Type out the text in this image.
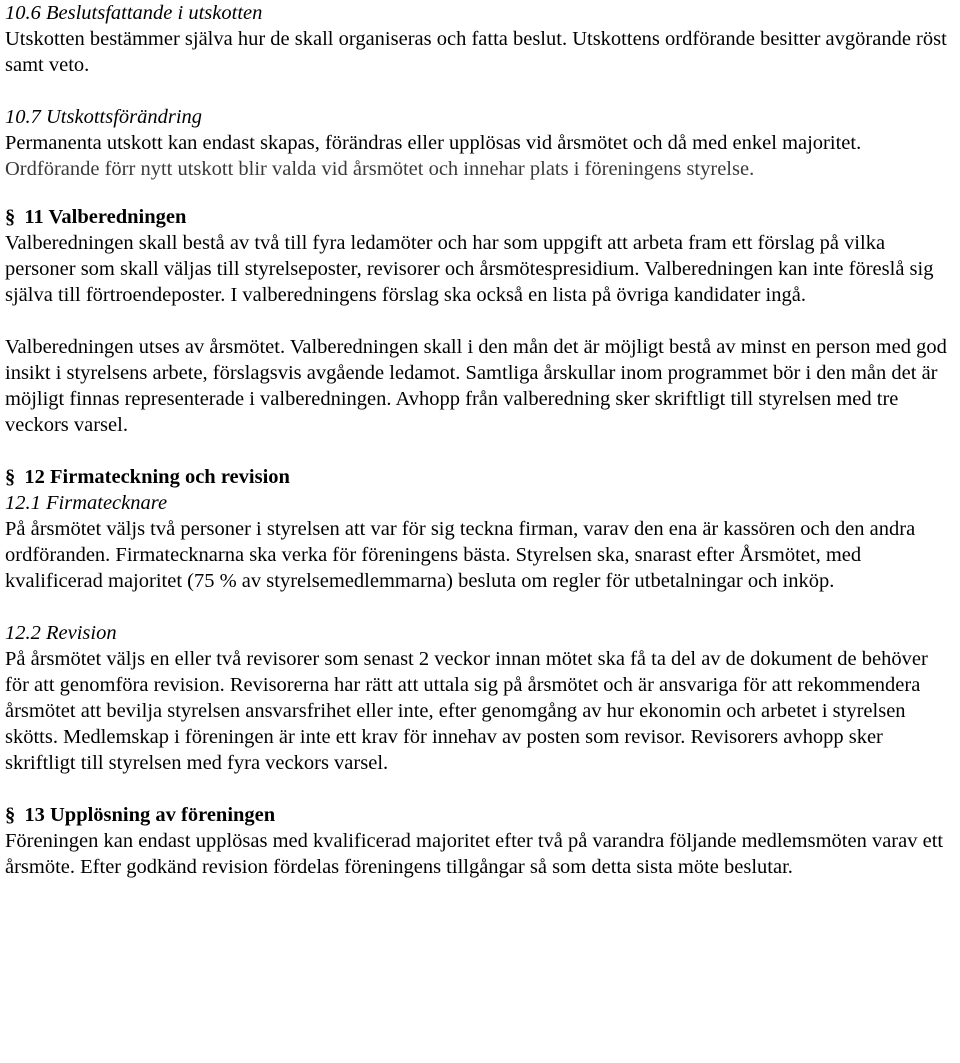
10.6 Beslutsfattande i utskotten

Utskotten bestämmer själva hur de skall organiseras och fatta beslut. Utskottens ordförande besitter avgörande röst samt veto.

10.7 Utskottsförändring

Permanenta utskott kan endast skapas, förändras eller upplösas vid årsmötet och då med enkel majoritet. Ordförande förr nytt utskott blir valda vid årsmötet och innehar plats i föreningens styrelse.

§ 11 Valberedningen

Valberedningen skall bestå av två till fyra ledamöter och har som uppgift att arbeta fram ett förslag på vilka personer som skall väljas till styrelseposter, revisorer och årsmötespresidium. Valberedningen kan inte föreslå sig själva till förtroendeposter. I valberedningens förslag ska också en lista på övriga kandidater ingå.

Valberedningen utses av årsmötet. Valberedningen skall i den mån det är möjligt bestå av minst en person med god insikt i styrelsens arbete, förslagsvis avgående ledamot. Samtliga årskullar inom programmet bör i den mån det är möjligt finnas representerade i valberedningen. Avhopp från valberedning sker skriftligt till styrelsen med tre veckors varsel.

§ 12 Firmateckning och revision

12.1 Firmatecknare

På årsmötet väljs två personer i styrelsen att var för sig teckna firman, varav den ena är kassören och den andra ordföranden. Firmatecknarna ska verka för föreningens bästa. Styrelsen ska, snarast efter Årsmötet, med kvalificerad majoritet (75 % av styrelsemedlemmarna) besluta om regler för utbetalningar och inköp.

12.2 Revision

På årsmötet väljs en eller två revisorer som senast 2 veckor innan mötet ska få ta del av de dokument de behöver för att genomföra revision. Revisorerna har rätt att uttala sig på årsmötet och är ansvariga för att rekommendera årsmötet att bevilja styrelsen ansvarsfrihet eller inte, efter genomgång av hur ekonomin och arbetet i styrelsen skötts. Medlemskap i föreningen är inte ett krav för innehav av posten som revisor. Revisorers avhopp sker skriftligt till styrelsen med fyra veckors varsel.

§ 13 Upplösning av föreningen

Föreningen kan endast upplösas med kvalificerad majoritet efter två på varandra följande medlemsmöten varav ett årsmöte. Efter godkänd revision fördelas föreningens tillgångar så som detta sista möte beslutar.
